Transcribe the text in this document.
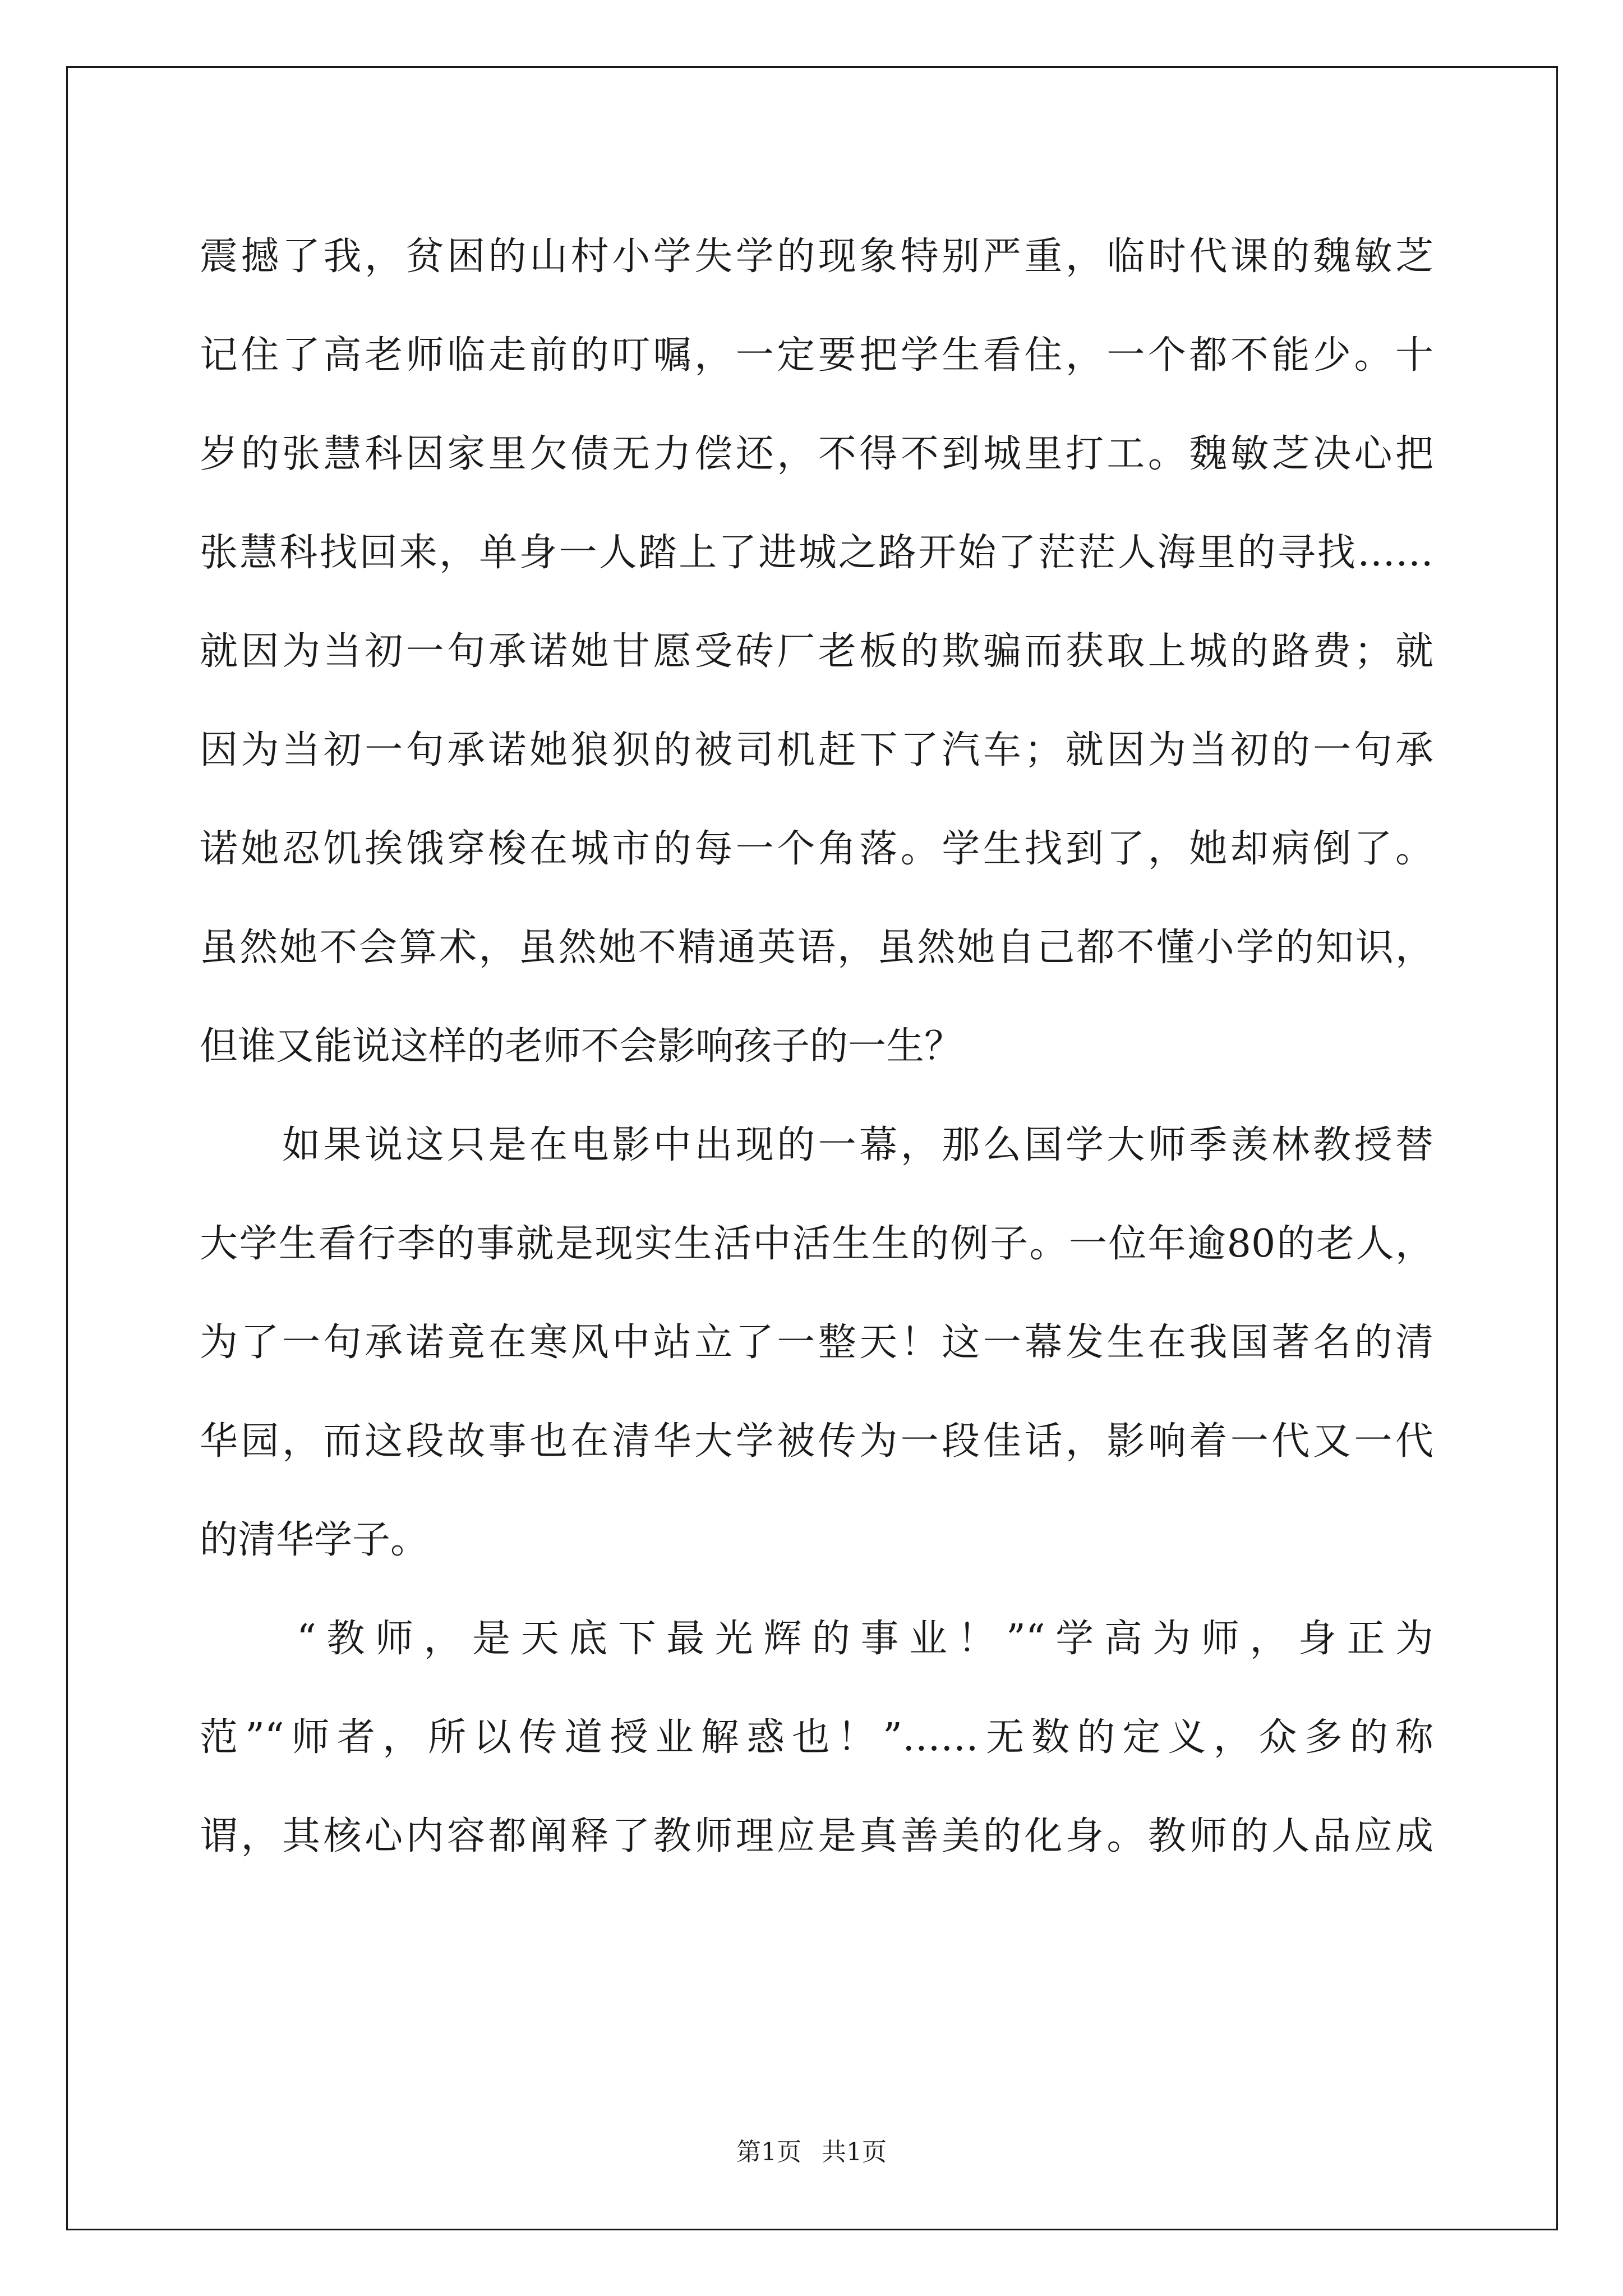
震撼了我，贫困的山村小学失学的现象特别严重，临时代课的魏敏芝
记住了高老师临走前的叮嘱，一定要把学生看住，一个都不能少。十
岁的张慧科因家里欠债无力偿还，不得不到城里打工。魏敏芝决心把
张慧科找回来，单身一人踏上了进城之路开始了茫茫人海里的寻找……
就因为当初一句承诺她甘愿受砖厂老板的欺骗而获取上城的路费；就
因为当初一句承诺她狼狈的被司机赶下了汽车；就因为当初的一句承
诺她忍饥挨饿穿梭在城市的每一个角落。学生找到了，她却病倒了。
虽然她不会算术，虽然她不精通英语，虽然她自己都不懂小学的知识，
但谁又能说这样的老师不会影响孩子的一生？
　　如果说这只是在电影中出现的一幕，那么国学大师季羡林教授替
大学生看行李的事就是现实生活中活生生的例子。一位年逾80的老人，
为了一句承诺竟在寒风中站立了一整天！这一幕发生在我国著名的清
华园，而这段故事也在清华大学被传为一段佳话，影响着一代又一代
的清华学子。
　　“教师，是天底下最光辉的事业！”“学高为师，身正为
范”“师者，所以传道授业解惑也！”……无数的定义，众多的称
谓，其核心内容都阐释了教师理应是真善美的化身。教师的人品应成
第1页 共1页
